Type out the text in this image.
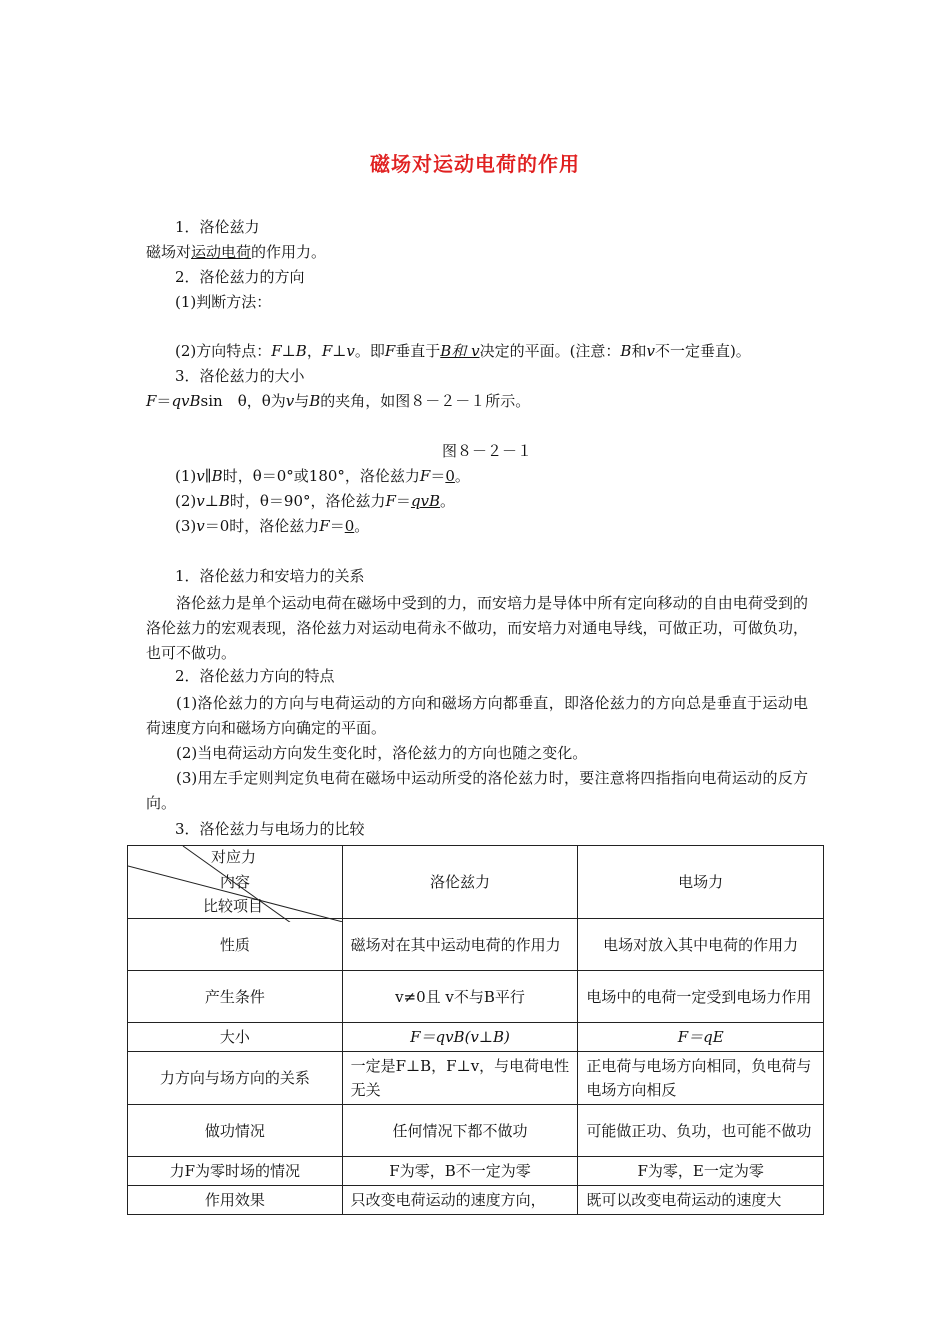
磁场对运动电荷的作用
1．洛伦兹力
磁场对运动电荷的作用力。
2．洛伦兹力的方向
(1)判断方法：
(2)方向特点：F⊥B，F⊥v。即F垂直于B和 v决定的平面。(注意：B和v不一定垂直)。
3．洛伦兹力的大小
F＝qvBsin　θ，θ为v与B的夹角，如图８－２－１所示。
图８－２－１
(1)v∥B时，θ＝0°或180°，洛伦兹力F＝0。
(2)v⊥B时，θ＝90°，洛伦兹力F＝qvB。
(3)v＝0时，洛伦兹力F＝0。
1．洛伦兹力和安培力的关系
洛伦兹力是单个运动电荷在磁场中受到的力，而安培力是导体中所有定向移动的自由电荷受到的洛伦兹力的宏观表现，洛伦兹力对运动电荷永不做功，而安培力对通电导线，可做正功，可做负功，也可不做功。
2．洛伦兹力方向的特点
(1)洛伦兹力的方向与电荷运动的方向和磁场方向都垂直，即洛伦兹力的方向总是垂直于运动电荷速度方向和磁场方向确定的平面。
(2)当电荷运动方向发生变化时，洛伦兹力的方向也随之变化。
(3)用左手定则判定负电荷在磁场中运动所受的洛伦兹力时，要注意将四指指向电荷运动的反方向。
3．洛伦兹力与电场力的比较
对应力
内容
比较项目	洛伦兹力	电场力
性质	磁场对在其中运动电荷的作用力	电场对放入其中电荷的作用力
产生条件	v≠0且 v不与B平行	电场中的电荷一定受到电场力作用
大小	F＝qvB(v⊥B)	F＝qE
力方向与场方向的关系	一定是F⊥B，F⊥v，与电荷电性无关	正电荷与电场方向相同，负电荷与电场方向相反
做功情况	任何情况下都不做功	可能做正功、负功，也可能不做功
力F为零时场的情况	F为零，B不一定为零	F为零，E一定为零
作用效果	只改变电荷运动的速度方向，	既可以改变电荷运动的速度大
